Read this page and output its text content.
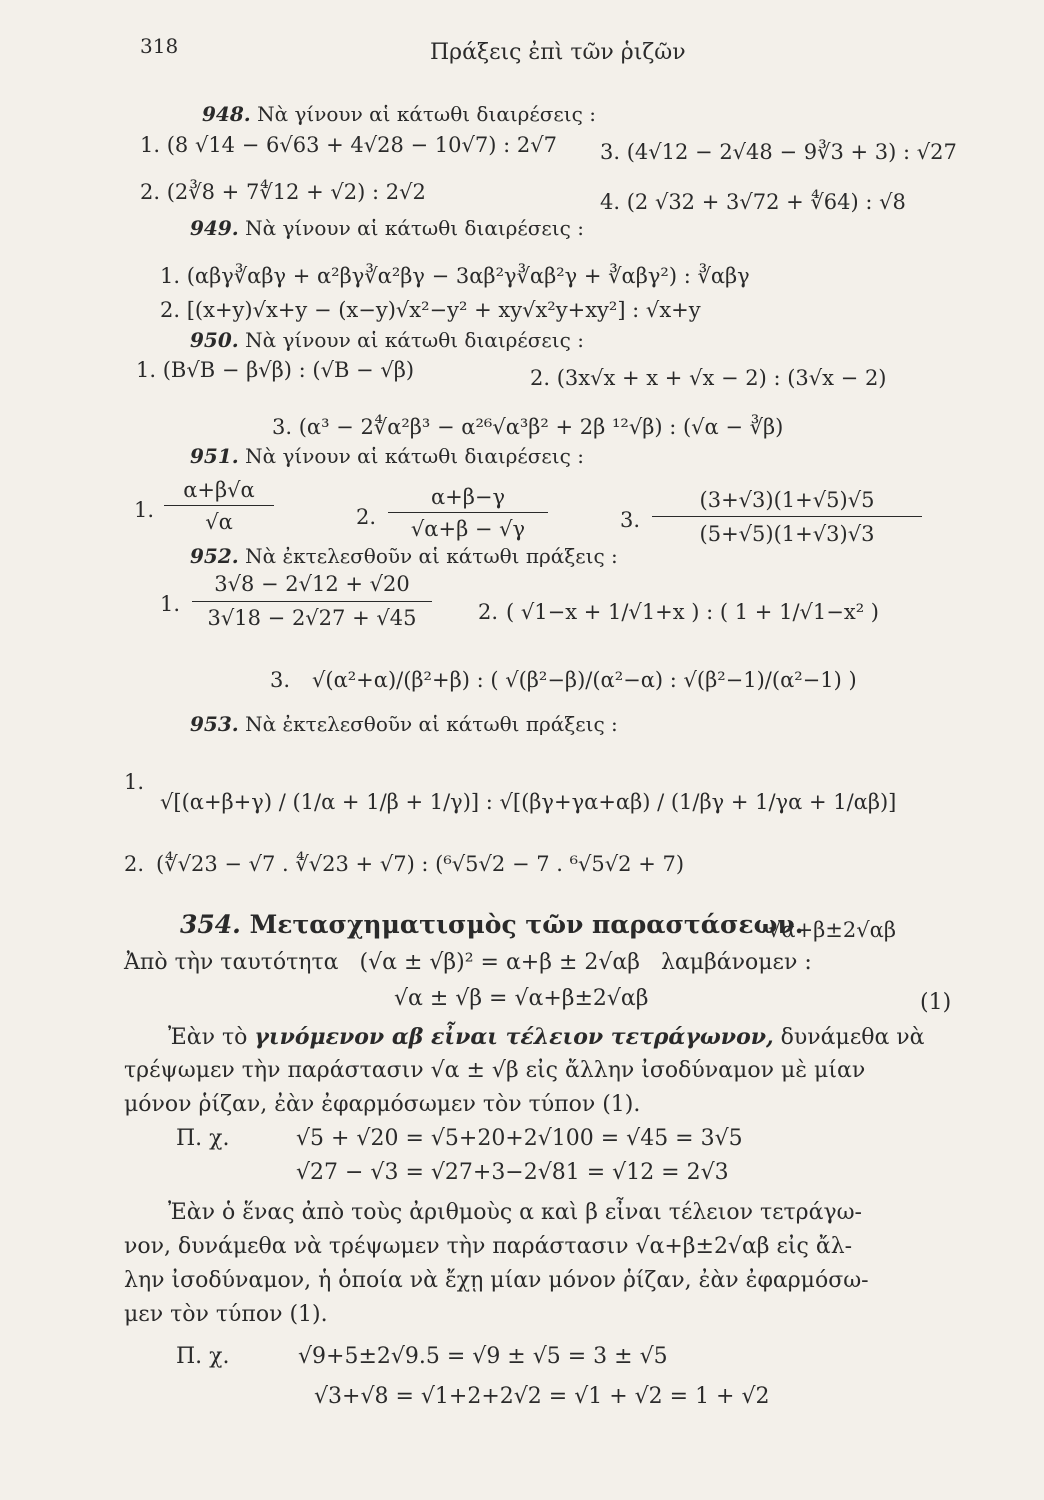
318	Πράξεις ἐπὶ τῶν ῥιζῶν
948. Νὰ γίνουν αἱ κάτωθι διαιρέσεις :
1. (8 √14 − 6√63 + 4√28 − 10√7) : 2√7 3. (4√12 − 2√48 − 9∛3 + 3) : √27
2. (2∛8 + 7∜12 + √2) : 2√2	4. (2 √32 + 3√72 + ∜64) : √8
949. Νὰ γίνουν αἱ κάτωθι διαιρέσεις :
1. (αβγ∛αβγ + α²βγ∛α²βγ − 3αβ²γ∛αβ²γ + ∛αβγ²) : ∛αβγ
2. [(x+y)√x+y − (x−y)√x²−y² + xy√x²y+xy²] : √x+y
950. Νὰ γίνουν αἱ κάτωθι διαιρέσεις :
1. (B√B − β√β) : (√B − √β)	2. (3x√x + x + √x − 2) : (3√x − 2)
3. (α³ − 2∜α²β³ − α²⁶√α³β² + 2β ¹²√β) : (√α − ∛β)
951. Νὰ γίνουν αἱ κάτωθι διαιρέσεις :
1.
α+β√α
√α	2.
α+β−γ
√α+β − √γ	3.
(3+√3)(1+√5)√5
(5+√5)(1+√3)√3
952. Νὰ ἐκτελεσθοῦν αἱ κάτωθι πράξεις :
1.
3√8 − 2√12 + √20
3√18 − 2√27 + √45	2. ( √1−x + 1/√1+x ) : ( 1 + 1/√1−x² )
3. √(α²+α)/(β²+β) : ( √(β²−β)/(α²−α) : √(β²−1)/(α²−1) )
953. Νὰ ἐκτελεσθοῦν αἱ κάτωθι πράξεις :
1.
√[(α+β+γ) / (1/α + 1/β + 1/γ)] : √[(βγ+γα+αβ) / (1/βγ + 1/γα + 1/αβ)]
2. (∜√23 − √7 . ∜√23 + √7) : (⁶√5√2 − 7 . ⁶√5√2 + 7)
354. Μετασχηματισμὸς τῶν παραστάσεων.
√α+β±2√αβ
Ἀπὸ τὴν ταυτότητα (√α ± √β)² = α+β ± 2√αβ λαμβάνομεν :
√α ± √β = √α+β±2√αβ	(1)
Ἐὰν τὸ γινόμενον αβ εἶναι τέλειον τετράγωνον, δυνάμεθα νὰ
τρέψωμεν τὴν παράστασιν √α ± √β εἰς ἄλλην ἰσοδύναμον μὲ μίαν
μόνον ῥίζαν, ἐὰν ἐφαρμόσωμεν τὸν τύπον (1).
Π. χ.	√5 + √20 = √5+20+2√100 = √45 = 3√5
√27 − √3 = √27+3−2√81 = √12 = 2√3
Ἐὰν ὁ ἕνας ἀπὸ τοὺς ἀριθμοὺς α καὶ β εἶναι τέλειον τετράγω-
νον, δυνάμεθα νὰ τρέψωμεν τὴν παράστασιν √α+β±2√αβ εἰς ἄλ-
λην ἰσοδύναμον, ἡ ὁποία νὰ ἔχῃ μίαν μόνον ῥίζαν, ἐὰν ἐφαρμόσω-
μεν τὸν τύπον (1).
Π. χ.	√9+5±2√9.5 = √9 ± √5 = 3 ± √5
√3+√8 = √1+2+2√2 = √1 + √2 = 1 + √2
